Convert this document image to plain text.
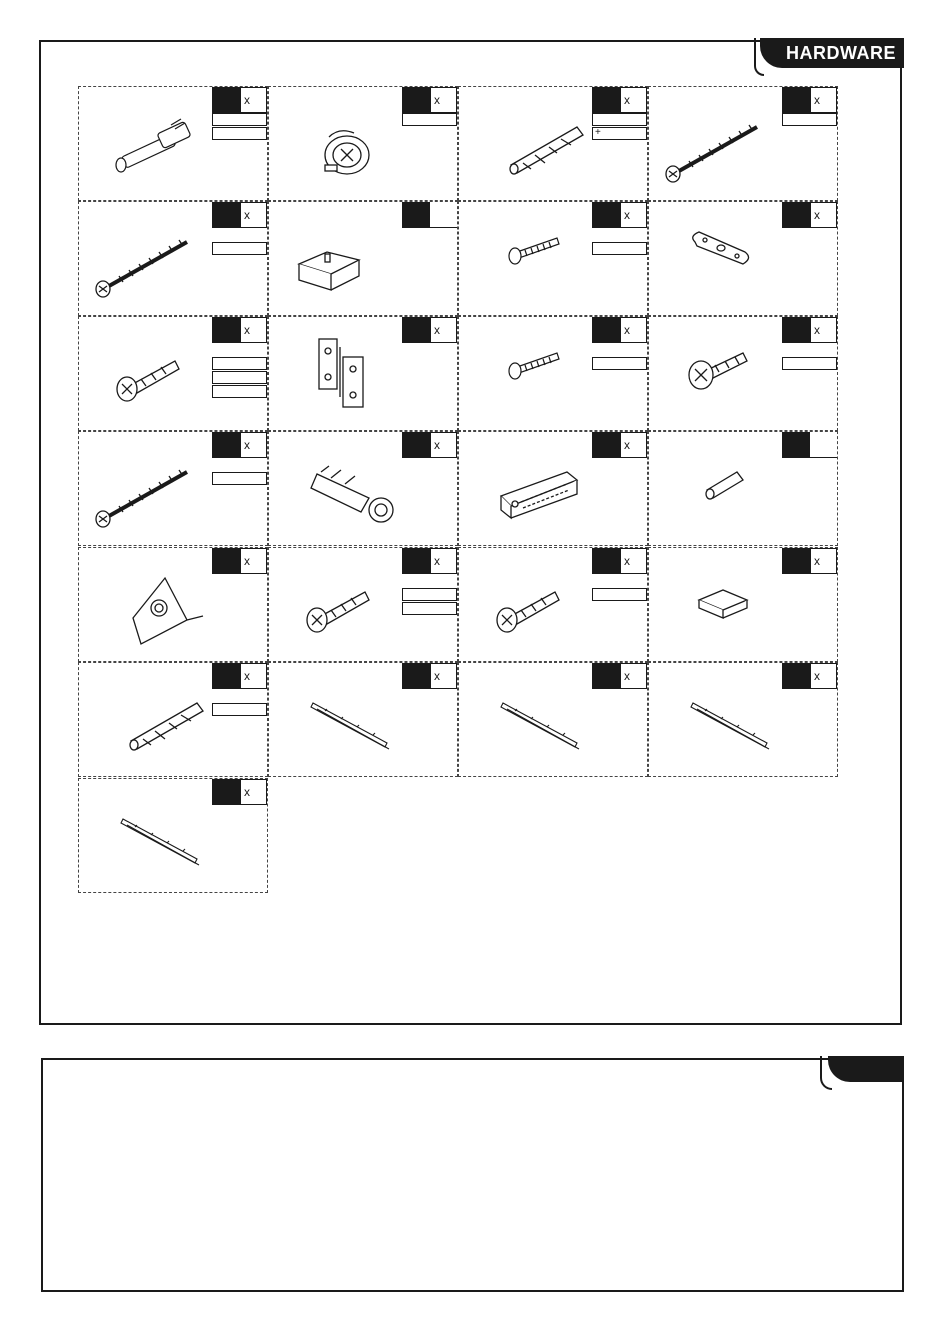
HARDWARE
x	x	x
+
x
x	x	x
x	x	x	x
x	x	x
x	x	x	x
x	x	x	x
x
